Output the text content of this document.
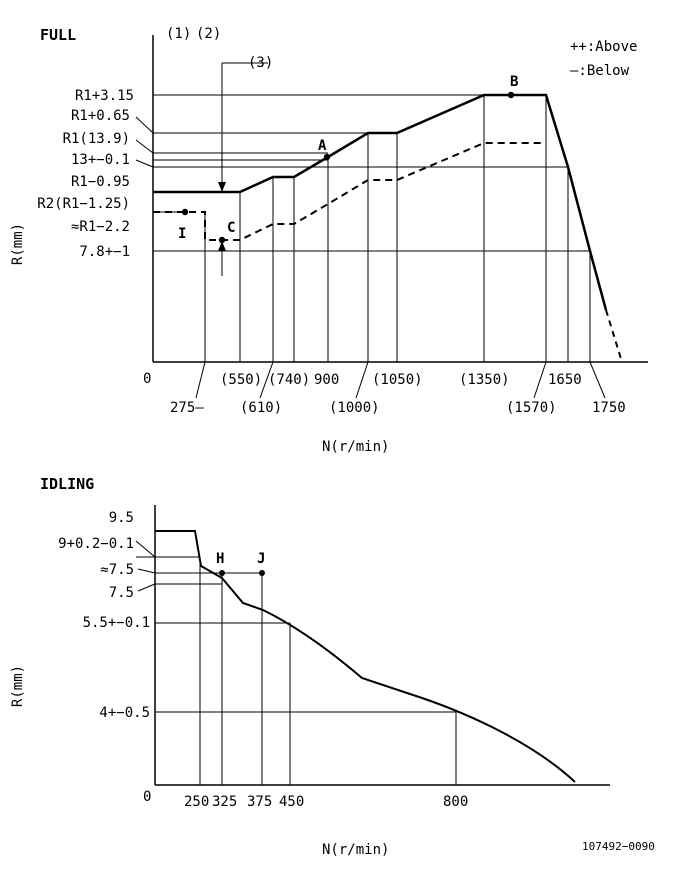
FULL	(1) (2)
++:Above
—:Below
(3)
A
B
C
I
R1+3.15
R1+0.65
R1(13.9)
13+−0.1
R1−0.95
R2(R1−1.25)
≈R1−2.2
7.8+−1
R(mm)
0	(550) (740) 900 (1050)	(1350)	1650
275—	(610)	(1000)	(1570)	1750
N(r/min)
IDLING
H J
9.5
9+0.2−0.1
≈7.5
7.5
5.5+−0.1
4+−0.5
R(mm)
0 250 325 375 450	800
N(r/min)	107492−0090
